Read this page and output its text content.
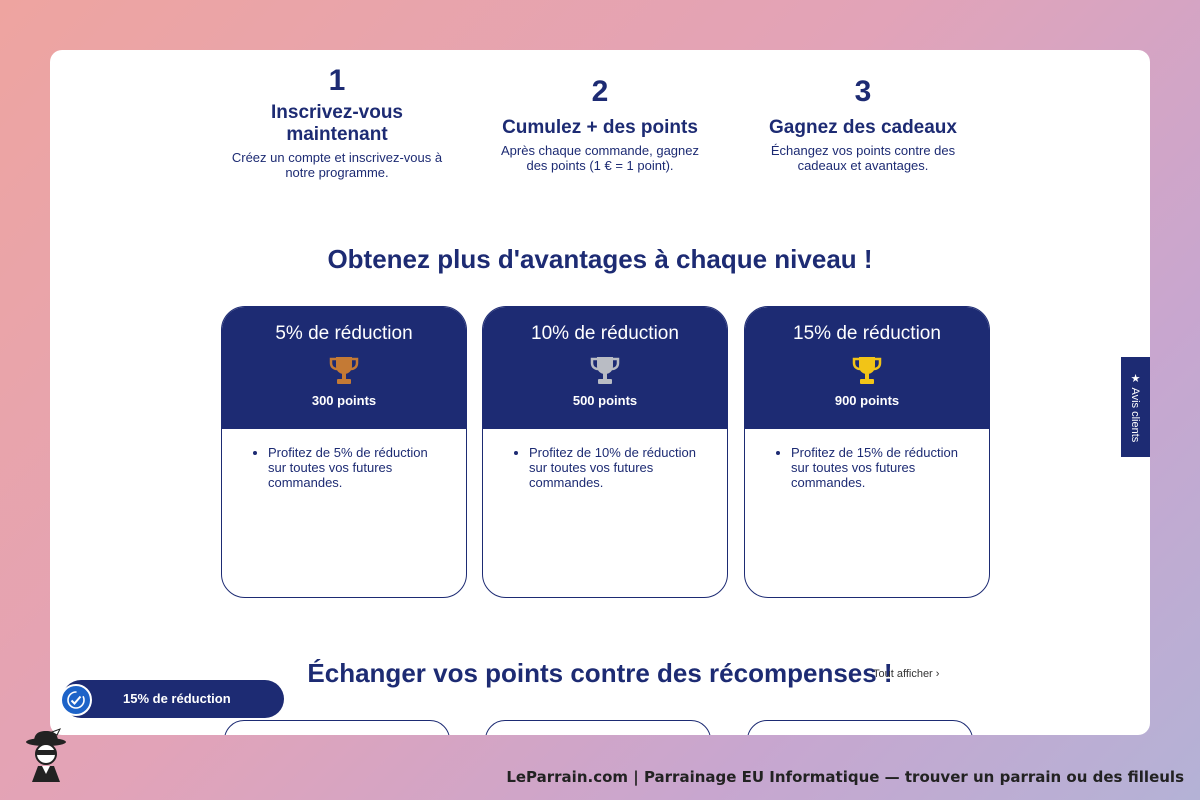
1
Inscrivez-vous maintenant
Créez un compte et inscrivez-vous à notre programme.
2
Cumulez + des points
Après chaque commande, gagnez des points (1 € = 1 point).
3
Gagnez des cadeaux
Échangez vos points contre des cadeaux et avantages.
Obtenez plus d'avantages à chaque niveau !
5% de réduction
300 points
• Profitez de 5% de réduction sur toutes vos futures commandes.
10% de réduction
500 points
• Profitez de 10% de réduction sur toutes vos futures commandes.
15% de réduction
900 points
• Profitez de 15% de réduction sur toutes vos futures commandes.
Échanger vos points contre des récompenses !
Tout afficher ›
★ Avis clients
15% de réduction
LeParrain.com | Parrainage EU Informatique — trouver un parrain ou des filleuls
